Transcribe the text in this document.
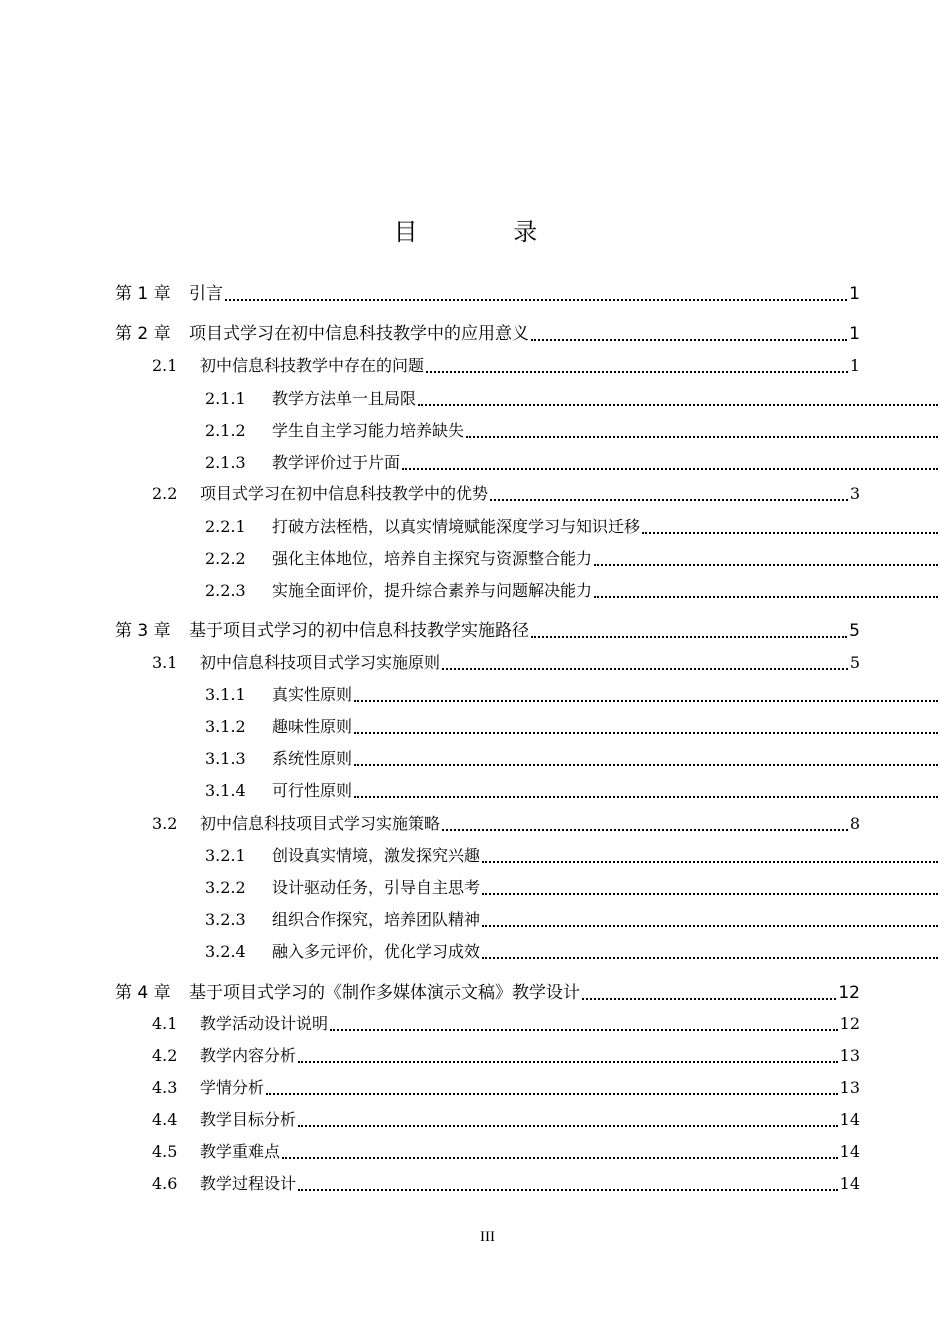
目 录
第 1 章	引言	1
第 2 章	项目式学习在初中信息科技教学中的应用意义	1
2.1	初中信息科技教学中存在的问题	1
2.1.1	教学方法单一且局限
2.1.2	学生自主学习能力培养缺失
2.1.3	教学评价过于片面
2.2	项目式学习在初中信息科技教学中的优势	3
2.2.1	打破方法桎梏，以真实情境赋能深度学习与知识迁移
2.2.2	强化主体地位，培养自主探究与资源整合能力
2.2.3	实施全面评价，提升综合素养与问题解决能力
第 3 章	基于项目式学习的初中信息科技教学实施路径	5
3.1	初中信息科技项目式学习实施原则	5
3.1.1	真实性原则
3.1.2	趣味性原则
3.1.3	系统性原则
3.1.4	可行性原则
3.2	初中信息科技项目式学习实施策略	8
3.2.1	创设真实情境，激发探究兴趣
3.2.2	设计驱动任务，引导自主思考
3.2.3	组织合作探究，培养团队精神
3.2.4	融入多元评价，优化学习成效
第 4 章	基于项目式学习的《制作多媒体演示文稿》教学设计	12
4.1	教学活动设计说明	12
4.2	教学内容分析	13
4.3	学情分析	13
4.4	教学目标分析	14
4.5	教学重难点	14
4.6	教学过程设计	14
III
